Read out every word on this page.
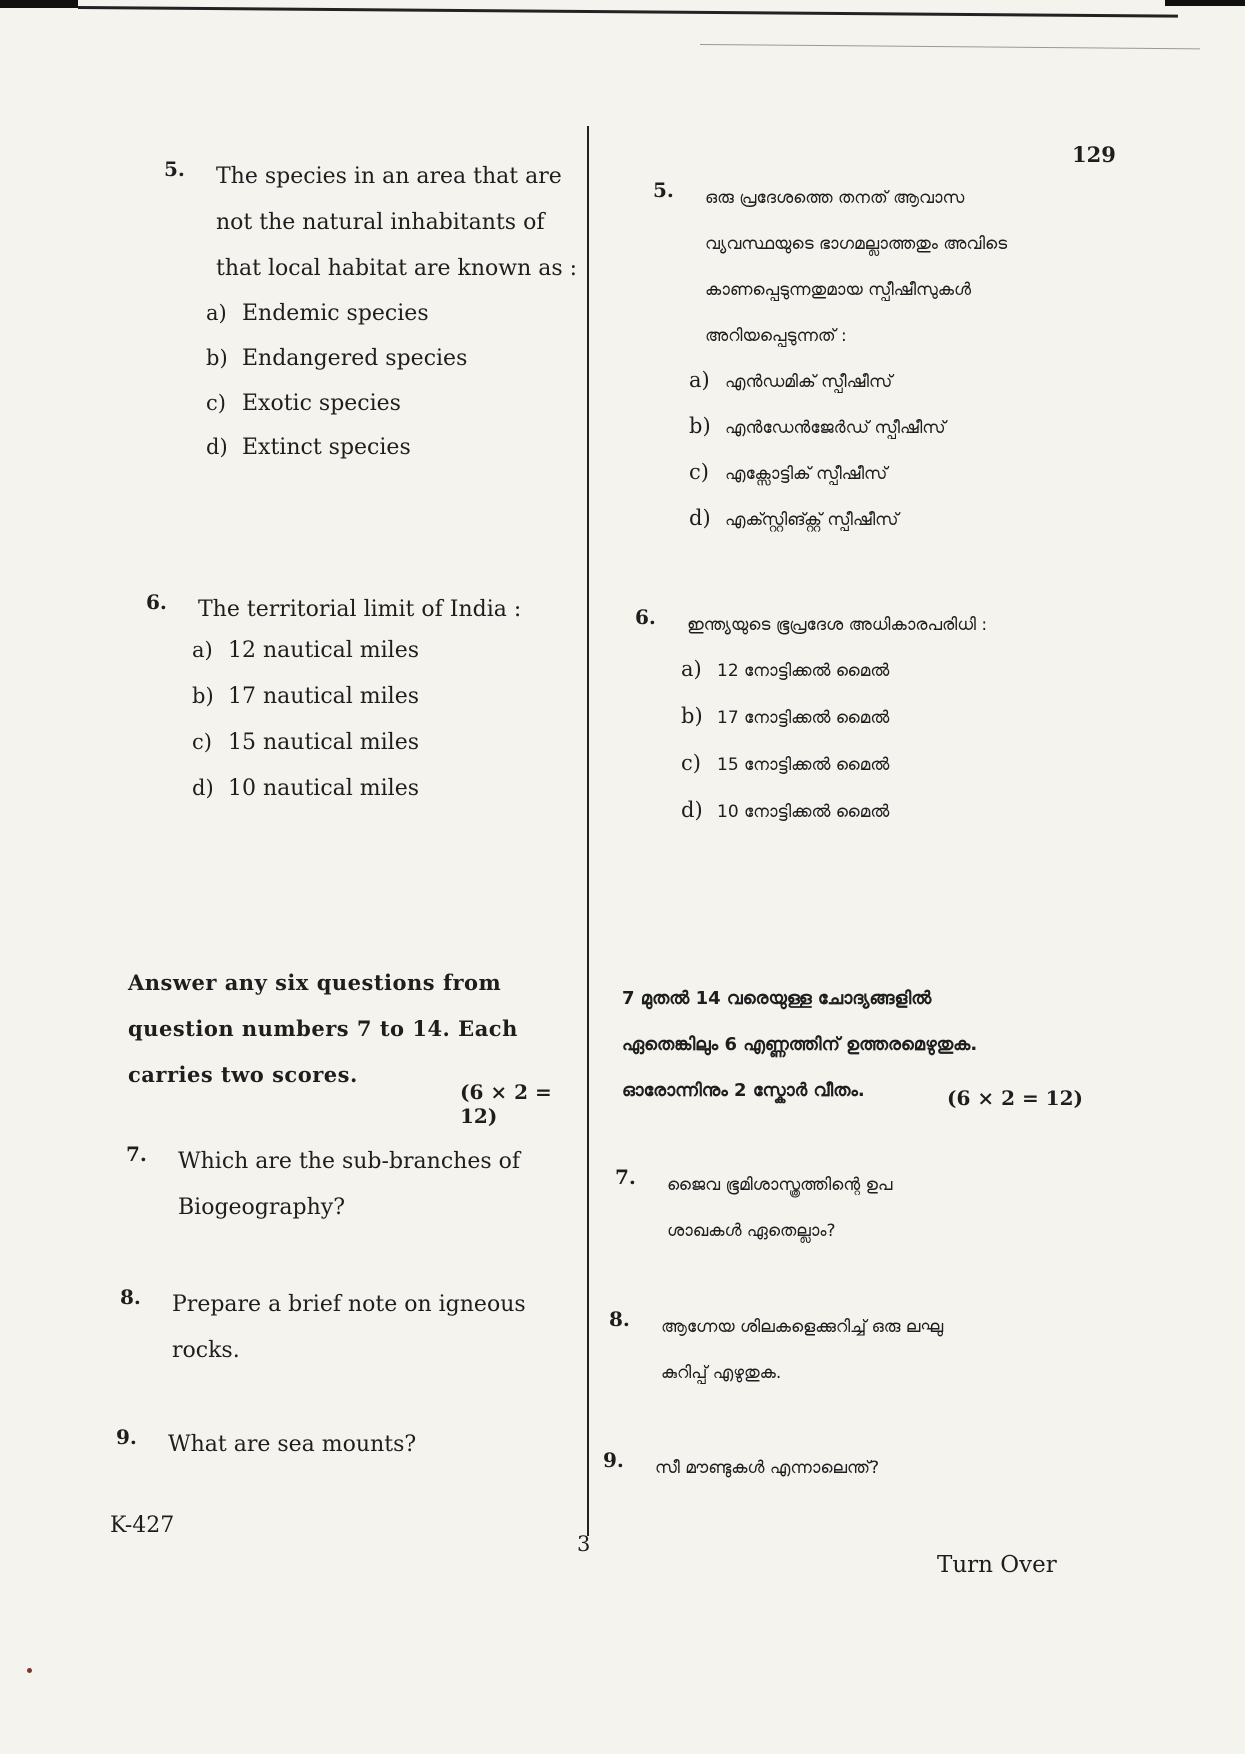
129
5. The species in an area that are
not the natural inhabitants of
that local habitat are known as :
a) Endemic species
b) Endangered species
c) Exotic species
d) Extinct species
6. The territorial limit of India :
a) 12 nautical miles
b) 17 nautical miles
c) 15 nautical miles
d) 10 nautical miles
Answer any six questions from
question numbers 7 to 14. Each
carries two scores.
(6 × 2 = 12)
7. Which are the sub-branches of
Biogeography?
8. Prepare a brief note on igneous
rocks.
9. What are sea mounts?
5. ഒരു പ്രദേശത്തെ തനത് ആവാസ
വ്യവസ്ഥയുടെ ഭാഗമല്ലാത്തതും അവിടെ
കാണപ്പെടുന്നതുമായ സ്പീഷീസുകൾ
അറിയപ്പെടുന്നത് :
a) എൻഡമിക് സ്പീഷീസ്
b) എൻഡേൻജേർഡ് സ്പീഷീസ്
c) എക്സോട്ടിക് സ്പീഷീസ്
d) എക്സ്റ്റിങ്ക്റ്റ് സ്പീഷീസ്
6. ഇന്ത്യയുടെ ഭൂപ്രദേശ അധികാരപരിധി :
a) 12 നോട്ടിക്കൽ മൈൽ
b) 17 നോട്ടിക്കൽ മൈൽ
c) 15 നോട്ടിക്കൽ മൈൽ
d) 10 നോട്ടിക്കൽ മൈൽ
7 മുതൽ 14 വരെയുള്ള ചോദ്യങ്ങളിൽ
ഏതെങ്കിലും 6 എണ്ണത്തിന് ഉത്തരമെഴുതുക.
ഓരോന്നിനും 2 സ്കോർ വീതം.	(6 × 2 = 12)
7. ജൈവ ഭൂമിശാസ്ത്രത്തിന്റെ ഉപ
ശാഖകൾ ഏതെല്ലാം?
8. ആഗ്നേയ ശിലകളെക്കുറിച്ച് ഒരു ലഘു
കുറിപ്പ് എഴുതുക.
9. സീ മൗണ്ടുകൾ എന്നാലെന്ത്?
K-427
3
Turn Over
